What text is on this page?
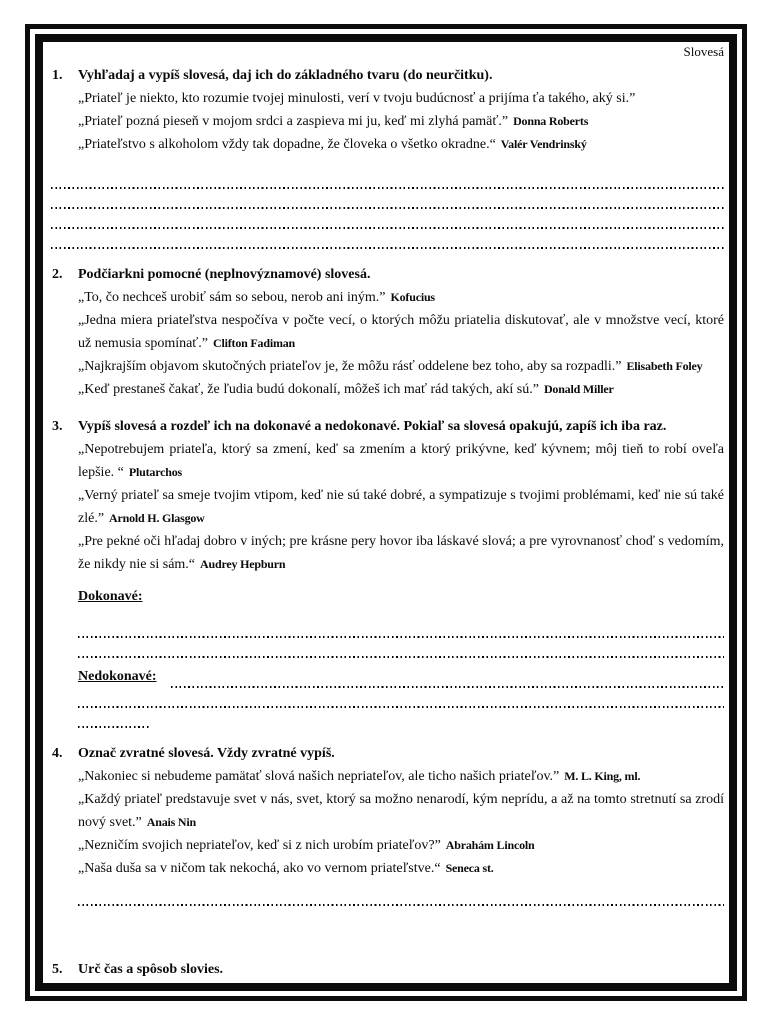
Slovesá
1. Vyhľadaj a vypíš slovesá, daj ich do základného tvaru (do neurčitku).

„Priateľ je niekto, kto rozumie tvojej minulosti, verí v tvoju budúcnosť a prijíma ťa takého, aký si.”

„Priateľ pozná pieseň v mojom srdci a zaspieva mi ju, keď mi zlyhá pamäť.” Donna Roberts

„Priateľstvo s alkoholom vždy tak dopadne, že človeka o všetko okradne.“ Valér Vendrinský

2. Podčiarkni pomocné (neplnovýznamové) slovesá.

„To, čo nechceš urobiť sám so sebou, nerob ani iným.” Kofucius

„Jedna miera priateľstva nespočíva v počte vecí, o ktorých môžu priatelia diskutovať, ale v množstve vecí, ktoré už nemusia spomínať.” Clifton Fadiman

„Najkrajším objavom skutočných priateľov je, že môžu rásť oddelene bez toho, aby sa rozpadli.” Elisabeth Foley

„Keď prestaneš čakať, že ľudia budú dokonalí, môžeš ich mať rád takých, akí sú.” Donald Miller

3. Vypíš slovesá a rozdeľ ich na dokonavé a nedokonavé. Pokiaľ sa slovesá opakujú, zapíš ich iba raz.

„Nepotrebujem priateľa, ktorý sa zmení, keď sa zmením a ktorý prikývne, keď kývnem; môj tieň to robí oveľa lepšie. “ Plutarchos

„Verný priateľ sa smeje tvojim vtipom, keď nie sú také dobré, a sympatizuje s tvojimi problémami, keď nie sú také zlé.” Arnold H. Glasgow

„Pre pekné oči hľadaj dobro v iných; pre krásne pery hovor iba láskavé slová; a pre vyrovnanosť choď s vedomím, že nikdy nie si sám.“ Audrey Hepburn

Dokonavé:
Nedokonavé:
4. Označ zvratné slovesá. Vždy zvratné vypíš.

„Nakoniec si nebudeme pamätať slová našich nepriateľov, ale ticho našich priateľov.” M. L. King, ml.

„Každý priateľ predstavuje svet v nás, svet, ktorý sa možno nenarodí, kým neprídu, a až na tomto stretnutí sa zrodí nový svet.” Anais Nin

„Nezničím svojich nepriateľov, keď si z nich urobím priateľov?” Abrahám Lincoln

„Naša duša sa v ničom tak nekochá, ako vo vernom priateľstve.“ Seneca st.

5. Urč čas a spôsob slovies.
